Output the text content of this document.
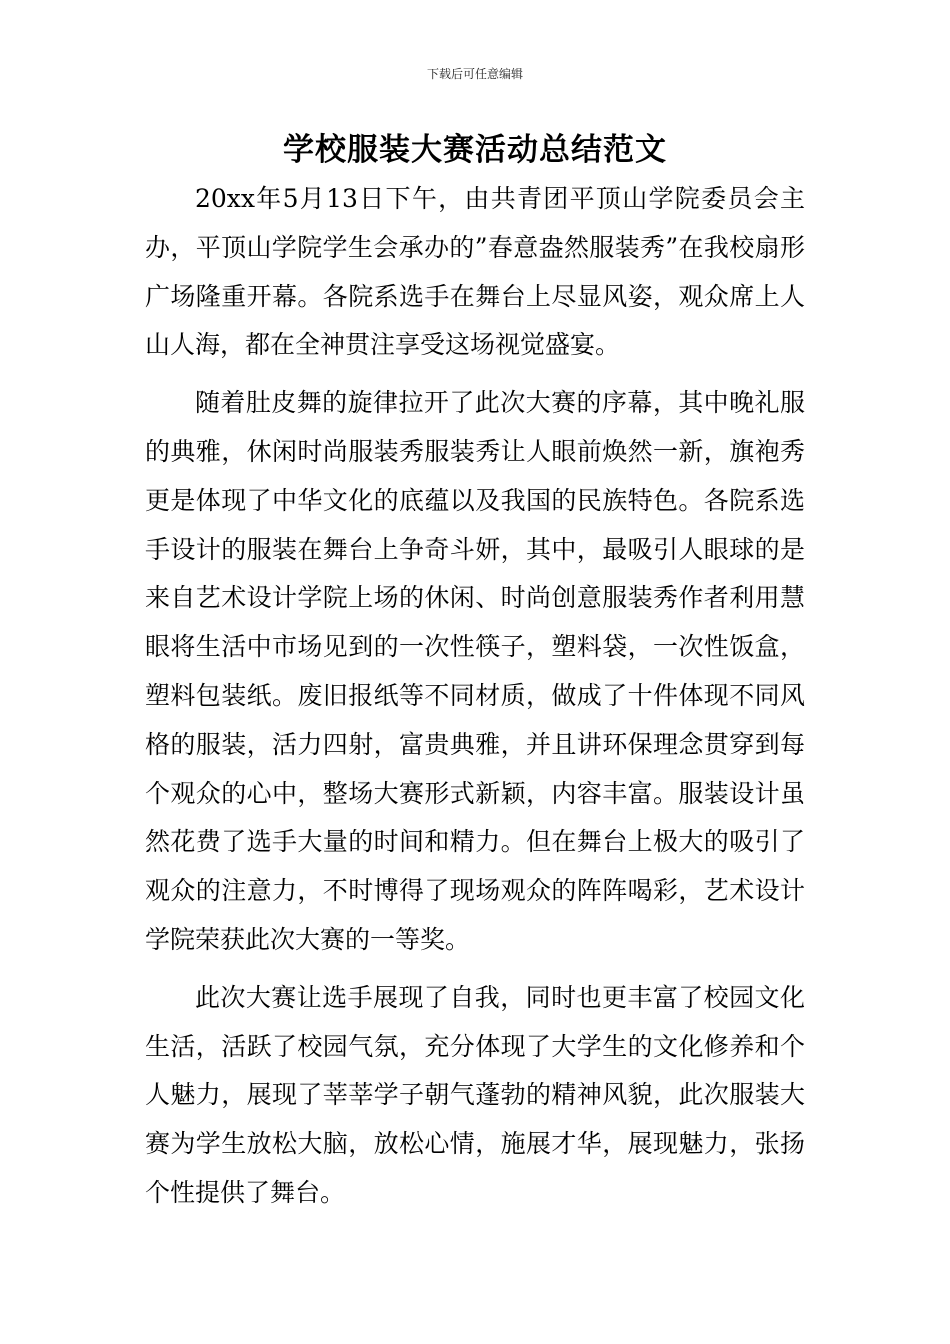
下载后可任意编辑
学校服装大赛活动总结范文

20xx年5月13日下午，由共青团平顶山学院委员会主办，平顶山学院学生会承办的”春意盎然服装秀”在我校扇形广场隆重开幕。各院系选手在舞台上尽显风姿，观众席上人山人海，都在全神贯注享受这场视觉盛宴。

随着肚皮舞的旋律拉开了此次大赛的序幕，其中晚礼服的典雅，休闲时尚服装秀服装秀让人眼前焕然一新，旗袍秀更是体现了中华文化的底蕴以及我国的民族特色。各院系选手设计的服装在舞台上争奇斗妍，其中，最吸引人眼球的是来自艺术设计学院上场的休闲、时尚创意服装秀作者利用慧眼将生活中市场见到的一次性筷子，塑料袋，一次性饭盒，塑料包装纸。废旧报纸等不同材质，做成了十件体现不同风格的服装，活力四射，富贵典雅，并且讲环保理念贯穿到每个观众的心中，整场大赛形式新颖，内容丰富。服装设计虽然花费了选手大量的时间和精力。但在舞台上极大的吸引了观众的注意力，不时博得了现场观众的阵阵喝彩，艺术设计学院荣获此次大赛的一等奖。

此次大赛让选手展现了自我，同时也更丰富了校园文化生活，活跃了校园气氛，充分体现了大学生的文化修养和个人魅力，展现了莘莘学子朝气蓬勃的精神风貌，此次服装大赛为学生放松大脑，放松心情，施展才华，展现魅力，张扬个性提供了舞台。
